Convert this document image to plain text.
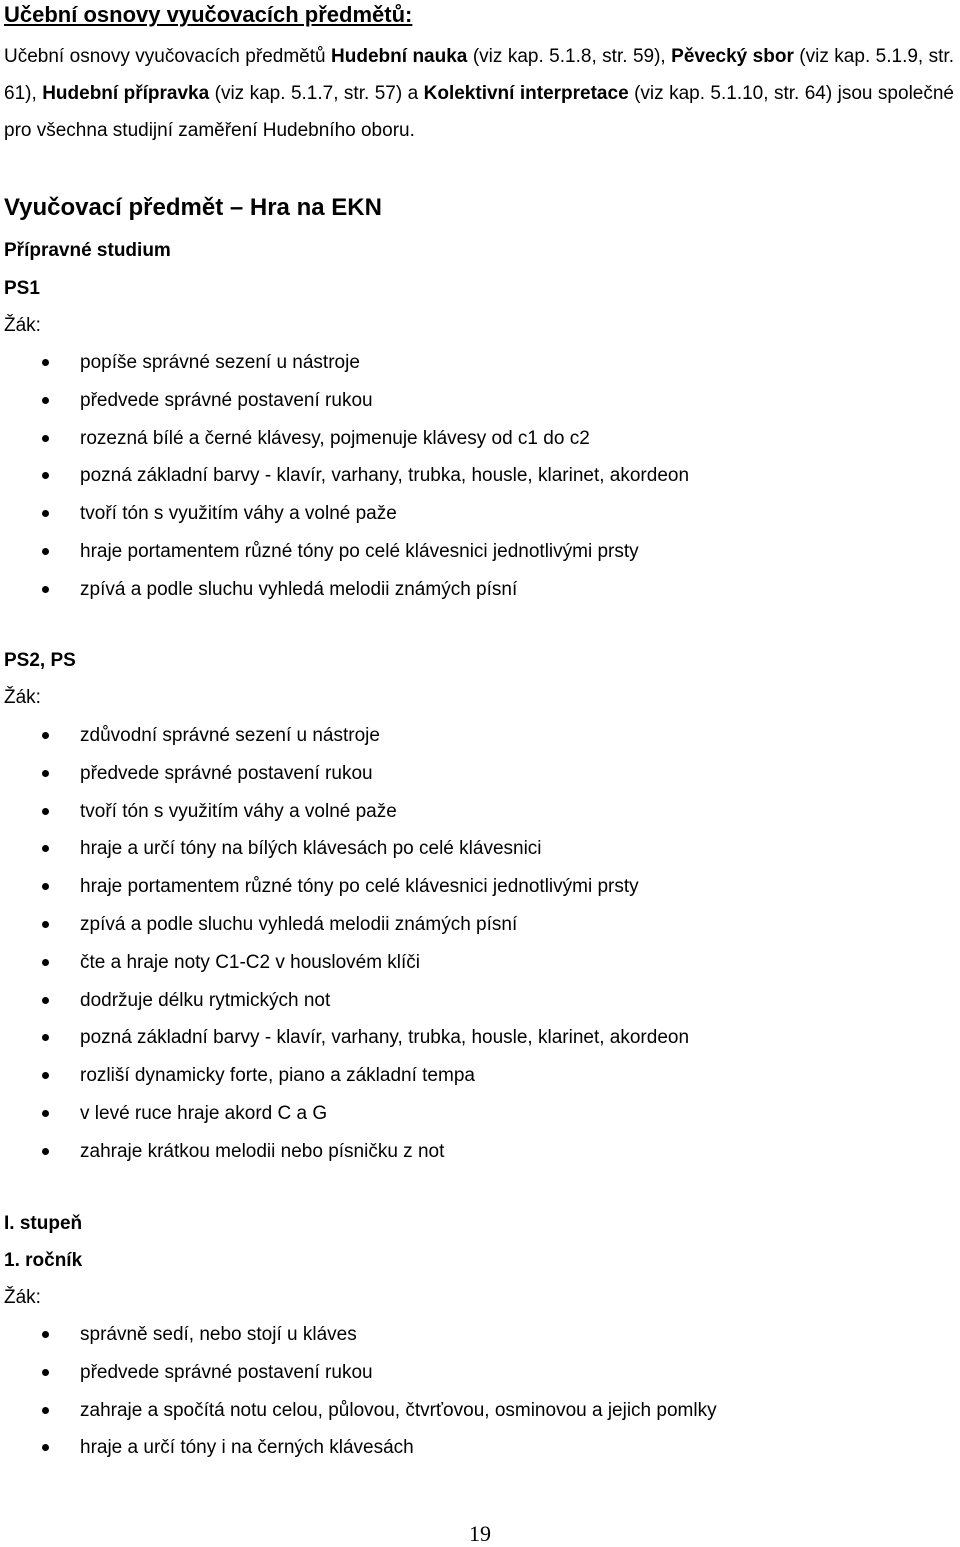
Učební osnovy vyučovacích předmětů:
Učební osnovy vyučovacích předmětů Hudební nauka (viz kap. 5.1.8, str. 59), Pěvecký sbor (viz kap. 5.1.9, str. 61), Hudební přípravka (viz kap. 5.1.7, str. 57) a Kolektivní interpretace (viz kap. 5.1.10, str. 64) jsou společné pro všechna studijní zaměření Hudebního oboru.
Vyučovací předmět – Hra na EKN
Přípravné studium
PS1
Žák:
popíše správné sezení u nástroje
předvede správné postavení rukou
rozezná bílé a černé klávesy, pojmenuje klávesy od c1 do c2
pozná základní barvy - klavír, varhany, trubka, housle, klarinet, akordeon
tvoří tón s využitím váhy a volné paže
hraje portamentem různé tóny po celé klávesnici jednotlivými prsty
zpívá a podle sluchu vyhledá melodii známých písní
PS2, PS
Žák:
zdůvodní správné sezení u nástroje
předvede správné postavení rukou
tvoří tón s využitím váhy a volné paže
hraje a určí tóny na bílých klávesách po celé klávesnici
hraje portamentem různé tóny po celé klávesnici jednotlivými prsty
zpívá a podle sluchu vyhledá melodii známých písní
čte a hraje noty C1-C2 v houslovém klíči
dodržuje délku rytmických not
pozná základní barvy - klavír, varhany, trubka, housle, klarinet, akordeon
rozliší dynamicky forte, piano a základní tempa
v levé ruce hraje akord C a G
zahraje krátkou melodii nebo písničku z not
I. stupeň
1. ročník
Žák:
správně sedí, nebo stojí u kláves
předvede správné postavení rukou
zahraje a spočítá notu celou, půlovou, čtvrťovou, osminovou a jejich pomlky
hraje a určí tóny i na černých klávesách
19
